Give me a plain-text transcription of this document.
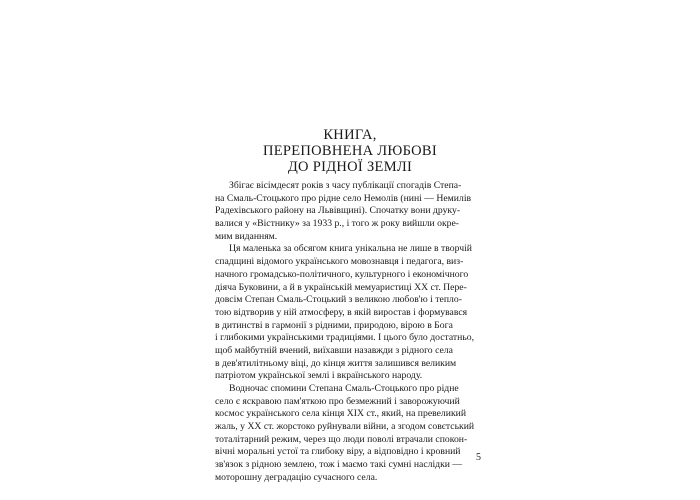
КНИГА,
ПЕРЕПОВНЕНА ЛЮБОВІ
ДО РІДНОЇ ЗЕМЛІ
Збігає вісімдесят років з часу публікації спогадів Степа-
на Смаль-Стоцького про рідне село Немолів (нині — Немилів
Радехівського району на Львівщині). Спочатку вони друку-
валися у «Вістнику» за 1933 р., і того ж року вийшли окре-
мим виданням.
Ця маленька за обсягом книга унікальна не лише в творчій
спадщині відомого українського мовознавця і педагога, виз-
начного громадсько-політичного, культурного і економічного
діяча Буковини, а й в українській мемуаристиці ХХ ст. Пере-
довсім Степан Смаль-Стоцький з великою любов'ю і тепло-
тою відтворив у ній атмосферу, в якій виростав і формувався
в дитинстві в гармонії з рідними, природою, вірою в Бога
і глибокими українськими традиціями. І цього було достатньо,
щоб майбутній вчений, виїхавши назавжди з рідного села
в дев'ятилітньому віці, до кінця життя залишився великим
патріотом української землі і вкраїнського народу.
Водночас спомини Степана Смаль-Стоцького про рідне
село є яскравою пам'яткою про безмежний і заворожуючий
космос українського села кінця ХІХ ст., який, на превеликий
жаль, у ХХ ст. жорстоко руйнували війни, а згодом совєтський
тоталітарний режим, через що люди поволі втрачали спокон-
вічні моральні устої та глибоку віру, а відповідно і кровний
зв'язок з рідною землею, тож і маємо такі сумні наслідки —
моторошну деградацію сучасного села.
5
